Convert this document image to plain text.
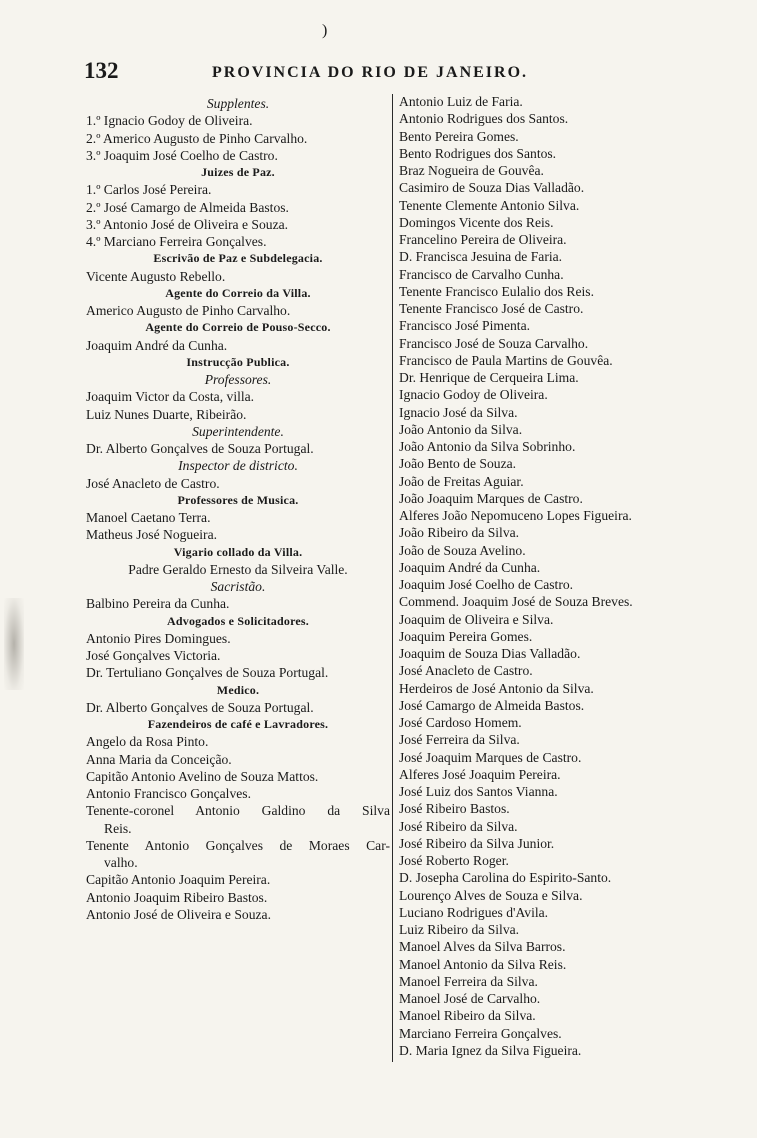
)
132	PROVINCIA DO RIO DE JANEIRO.
Supplentes.
1.º Ignacio Godoy de Oliveira.
2.º Americo Augusto de Pinho Carvalho.
3.º Joaquim José Coelho de Castro.
Juizes de Paz.
1.º Carlos José Pereira.
2.º José Camargo de Almeida Bastos.
3.º Antonio José de Oliveira e Souza.
4.º Marciano Ferreira Gonçalves.
Escrivão de Paz e Subdelegacia.
Vicente Augusto Rebello.
Agente do Correio da Villa.
Americo Augusto de Pinho Carvalho.
Agente do Correio de Pouso-Secco.
Joaquim André da Cunha.
Instrucção Publica.
Professores.
Joaquim Victor da Costa, villa.
Luiz Nunes Duarte, Ribeirão.
Superintendente.
Dr. Alberto Gonçalves de Souza Portugal.
Inspector de districto.
José Anacleto de Castro.
Professores de Musica.
Manoel Caetano Terra.
Matheus José Nogueira.
Vigario collado da Villa.
Padre Geraldo Ernesto da Silveira Valle.
Sacristão.
Balbino Pereira da Cunha.
Advogados e Solicitadores.
Antonio Pires Domingues.
José Gonçalves Victoria.
Dr. Tertuliano Gonçalves de Souza Portugal.
Medico.
Dr. Alberto Gonçalves de Souza Portugal.
Fazendeiros de café e Lavradores.
Angelo da Rosa Pinto.
Anna Maria da Conceição.
Capitão Antonio Avelino de Souza Mattos.
Antonio Francisco Gonçalves.
Tenente-coronel Antonio Galdino da Silva
Reis.
Tenente Antonio Gonçalves de Moraes Car-
valho.
Capitão Antonio Joaquim Pereira.
Antonio Joaquim Ribeiro Bastos.
Antonio José de Oliveira e Souza.
Antonio Luiz de Faria.
Antonio Rodrigues dos Santos.
Bento Pereira Gomes.
Bento Rodrigues dos Santos.
Braz Nogueira de Gouvêa.
Casimiro de Souza Dias Valladão.
Tenente Clemente Antonio Silva.
Domingos Vicente dos Reis.
Francelino Pereira de Oliveira.
D. Francisca Jesuina de Faria.
Francisco de Carvalho Cunha.
Tenente Francisco Eulalio dos Reis.
Tenente Francisco José de Castro.
Francisco José Pimenta.
Francisco José de Souza Carvalho.
Francisco de Paula Martins de Gouvêa.
Dr. Henrique de Cerqueira Lima.
Ignacio Godoy de Oliveira.
Ignacio José da Silva.
João Antonio da Silva.
João Antonio da Silva Sobrinho.
João Bento de Souza.
João de Freitas Aguiar.
João Joaquim Marques de Castro.
Alferes João Nepomuceno Lopes Figueira.
João Ribeiro da Silva.
João de Souza Avelino.
Joaquim André da Cunha.
Joaquim José Coelho de Castro.
Commend. Joaquim José de Souza Breves.
Joaquim de Oliveira e Silva.
Joaquim Pereira Gomes.
Joaquim de Souza Dias Valladão.
José Anacleto de Castro.
Herdeiros de José Antonio da Silva.
José Camargo de Almeida Bastos.
José Cardoso Homem.
José Ferreira da Silva.
José Joaquim Marques de Castro.
Alferes José Joaquim Pereira.
José Luiz dos Santos Vianna.
José Ribeiro Bastos.
José Ribeiro da Silva.
José Ribeiro da Silva Junior.
José Roberto Roger.
D. Josepha Carolina do Espirito-Santo.
Lourenço Alves de Souza e Silva.
Luciano Rodrigues d'Avila.
Luiz Ribeiro da Silva.
Manoel Alves da Silva Barros.
Manoel Antonio da Silva Reis.
Manoel Ferreira da Silva.
Manoel José de Carvalho.
Manoel Ribeiro da Silva.
Marciano Ferreira Gonçalves.
D. Maria Ignez da Silva Figueira.
